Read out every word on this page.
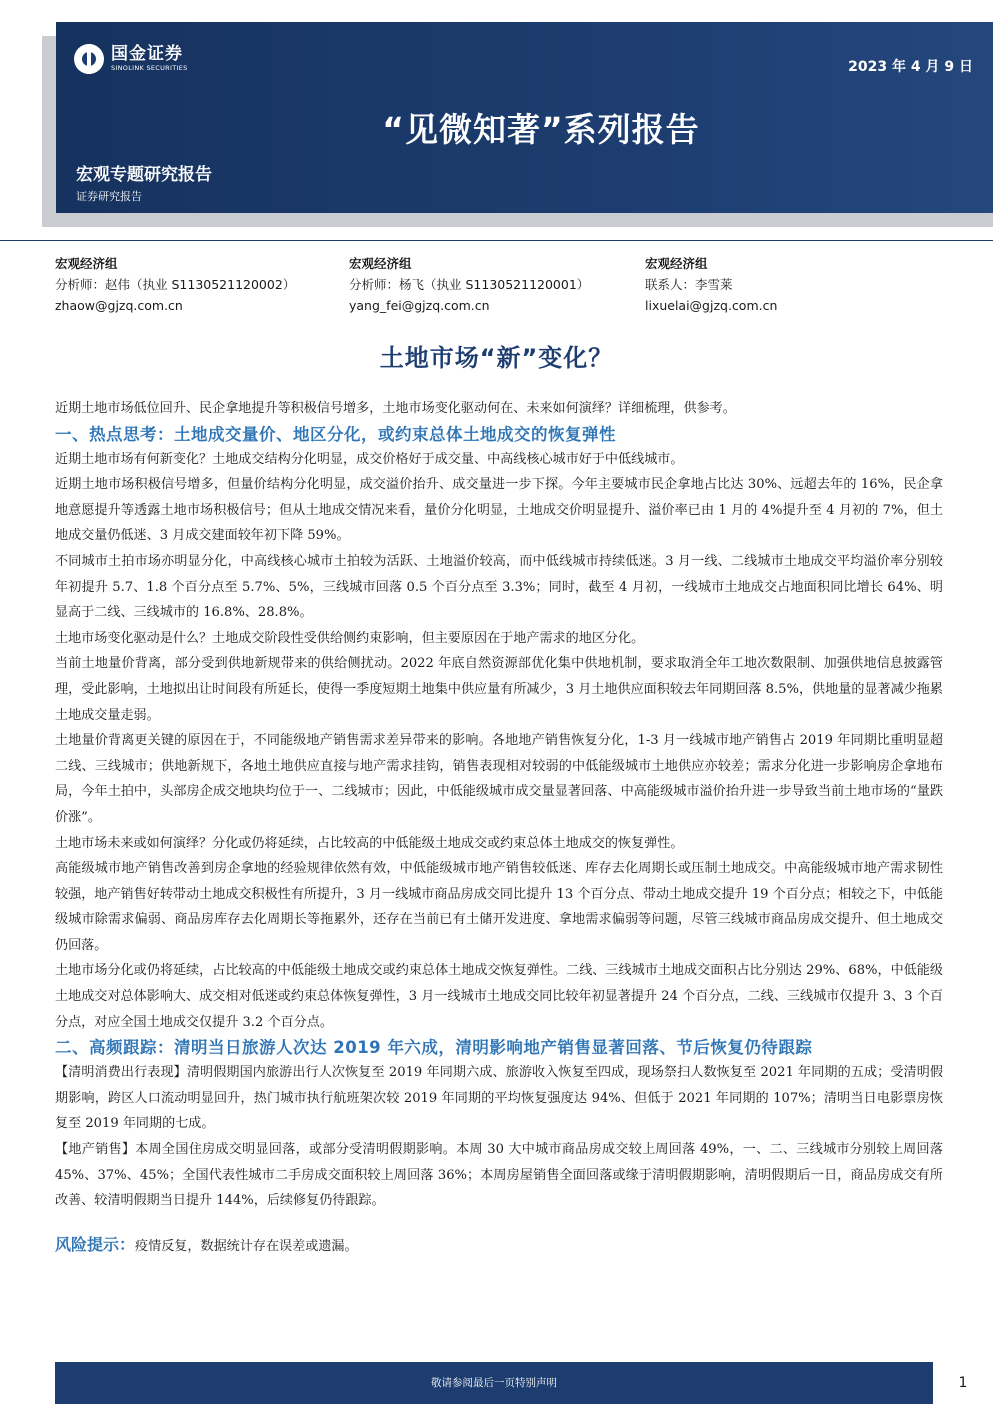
国金证券
SINOLINK SECURITIES	2023 年 4 月 9 日
“见微知著”系列报告
宏观专题研究报告
证券研究报告
宏观经济组
分析师：赵伟（执业 S1130521120002）
zhaow@gjzq.com.cn
宏观经济组
分析师：杨飞（执业 S1130521120001）
yang_fei@gjzq.com.cn
宏观经济组
联系人：李雪莱
lixuelai@gjzq.com.cn
土地市场“新”变化？

近期土地市场低位回升、民企拿地提升等积极信号增多，土地市场变化驱动何在、未来如何演绎？详细梳理，供参考。

一、热点思考：土地成交量价、地区分化，或约束总体土地成交的恢复弹性

近期土地市场有何新变化？土地成交结构分化明显，成交价格好于成交量、中高线核心城市好于中低线城市。

近期土地市场积极信号增多，但量价结构分化明显，成交溢价抬升、成交量进一步下探。今年主要城市民企拿地占比达 30%、远超去年的 16%，民企拿地意愿提升等透露土地市场积极信号；但从土地成交情况来看，量价分化明显，土地成交价明显提升、溢价率已由 1 月的 4%提升至 4 月初的 7%，但土地成交量仍低迷、3 月成交建面较年初下降 59%。

不同城市土拍市场亦明显分化，中高线核心城市土拍较为活跃、土地溢价较高，而中低线城市持续低迷。3 月一线、二线城市土地成交平均溢价率分别较年初提升 5.7、1.8 个百分点至 5.7%、5%，三线城市回落 0.5 个百分点至 3.3%；同时，截至 4 月初，一线城市土地成交占地面积同比增长 64%、明显高于二线、三线城市的 16.8%、28.8%。

土地市场变化驱动是什么？土地成交阶段性受供给侧约束影响，但主要原因在于地产需求的地区分化。

当前土地量价背离，部分受到供地新规带来的供给侧扰动。2022 年底自然资源部优化集中供地机制，要求取消全年工地次数限制、加强供地信息披露管理，受此影响，土地拟出让时间段有所延长，使得一季度短期土地集中供应量有所减少，3 月土地供应面积较去年同期回落 8.5%，供地量的显著减少拖累土地成交量走弱。

土地量价背离更关键的原因在于，不同能级地产销售需求差异带来的影响。各地地产销售恢复分化，1-3 月一线城市地产销售占 2019 年同期比重明显超二线、三线城市；供地新规下，各地土地供应直接与地产需求挂钩，销售表现相对较弱的中低能级城市土地供应亦较差；需求分化进一步影响房企拿地布局，今年土拍中，头部房企成交地块均位于一、二线城市；因此，中低能级城市成交量显著回落、中高能级城市溢价抬升进一步导致当前土地市场的“量跌价涨”。

土地市场未来或如何演绎？分化或仍将延续，占比较高的中低能级土地成交或约束总体土地成交的恢复弹性。

高能级城市地产销售改善到房企拿地的经验规律依然有效，中低能级城市地产销售较低迷、库存去化周期长或压制土地成交。中高能级城市地产需求韧性较强，地产销售好转带动土地成交积极性有所提升，3 月一线城市商品房成交同比提升 13 个百分点、带动土地成交提升 19 个百分点；相较之下，中低能级城市除需求偏弱、商品房库存去化周期长等拖累外，还存在当前已有土储开发进度、拿地需求偏弱等问题，尽管三线城市商品房成交提升、但土地成交仍回落。

土地市场分化或仍将延续，占比较高的中低能级土地成交或约束总体土地成交恢复弹性。二线、三线城市土地成交面积占比分别达 29%、68%，中低能级土地成交对总体影响大、成交相对低迷或约束总体恢复弹性，3 月一线城市土地成交同比较年初显著提升 24 个百分点，二线、三线城市仅提升 3、3 个百分点，对应全国土地成交仅提升 3.2 个百分点。

二、高频跟踪：清明当日旅游人次达 2019 年六成，清明影响地产销售显著回落、节后恢复仍待跟踪

【清明消费出行表现】清明假期国内旅游出行人次恢复至 2019 年同期六成、旅游收入恢复至四成，现场祭扫人数恢复至 2021 年同期的五成；受清明假期影响，跨区人口流动明显回升，热门城市执行航班架次较 2019 年同期的平均恢复强度达 94%、但低于 2021 年同期的 107%；清明当日电影票房恢复至 2019 年同期的七成。

【地产销售】本周全国住房成交明显回落，或部分受清明假期影响。本周 30 大中城市商品房成交较上周回落 49%，一、二、三线城市分别较上周回落 45%、37%、45%；全国代表性城市二手房成交面积较上周回落 36%；本周房屋销售全面回落或缘于清明假期影响，清明假期后一日，商品房成交有所改善、较清明假期当日提升 144%，后续修复仍待跟踪。

风险提示：疫情反复，数据统计存在误差或遗漏。

敬请参阅最后一页特别声明	1
